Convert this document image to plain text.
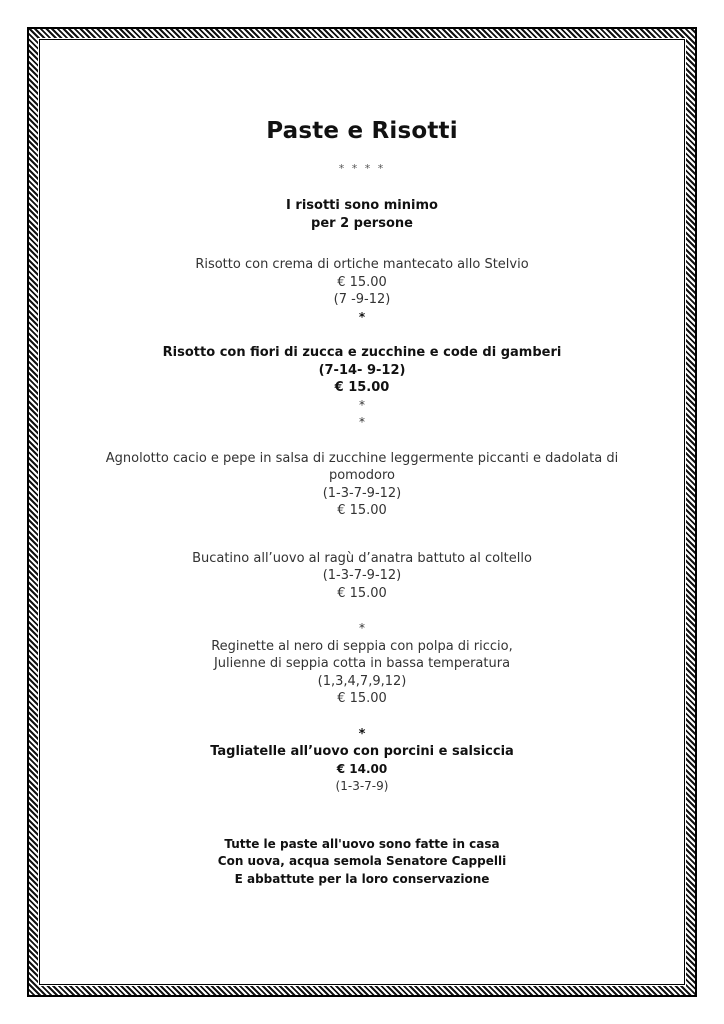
Paste e Risotti
* * * *

I risotti sono minimo

per 2 persone

Risotto con crema di ortiche mantecato allo Stelvio

€ 15.00

(7 -9-12)

*

Risotto con fiori di zucca e zucchine e code di gamberi

(7-14- 9-12)

€ 15.00

*

*

Agnolotto cacio e pepe in salsa di zucchine leggermente piccanti e dadolata di

pomodoro

(1-3-7-9-12)

€ 15.00

Bucatino all’uovo al ragù d’anatra battuto al coltello

(1-3-7-9-12)

€ 15.00

*

Reginette al nero di seppia con polpa di riccio,

Julienne di seppia cotta in bassa temperatura

(1,3,4,7,9,12)

€ 15.00

*

Tagliatelle all’uovo con porcini e salsiccia

€ 14.00

(1-3-7-9)

Tutte le paste all'uovo sono fatte in casa

Con uova, acqua semola Senatore Cappelli

E abbattute per la loro conservazione
